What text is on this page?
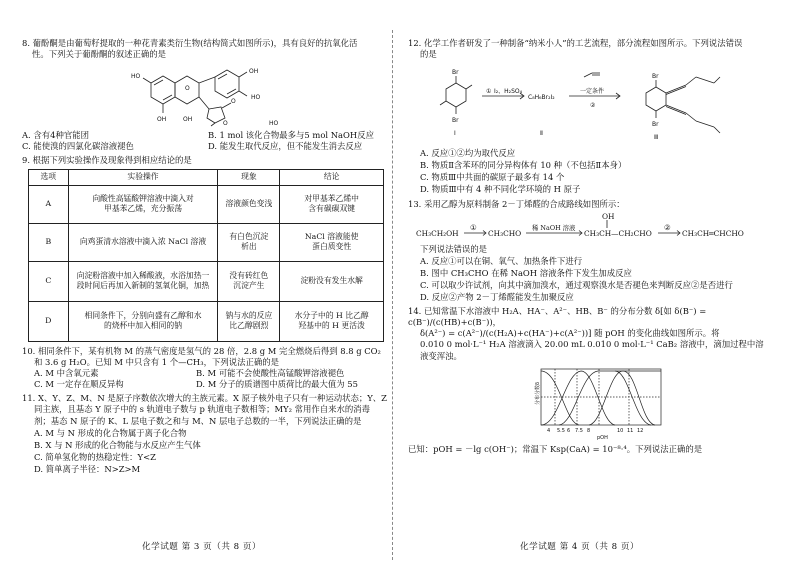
8. 葡酚酮是由葡萄籽提取的一种花青素类衍生物(结构简式如图所示)，具有良好的抗氧化活
性。下列关于葡酚酮的叙述正确的是
HO
OH
HO
OH	OH
O
O
O	HO
A. 含有4种官能团	B. 1 mol 该化合物最多与5 mol NaOH反应
C. 能使溴的四氯化碳溶液褪色	D. 能发生取代反应，但不能发生消去反应
9. 根据下列实验操作及现象得到相应结论的是
选项	实验操作	现象	结论
A	向酸性高锰酸钾溶液中滴入对
甲基苯乙烯，充分振荡	溶液颜色变浅	对甲基苯乙烯中
含有碳碳双键

B	向鸡蛋清水溶液中滴入浓 NaCl 溶液	有白色沉淀
析出	NaCl 溶液能使
蛋白质变性

C	向淀粉溶液中加入稀酸液，水浴加热一
段时间后再加入新制的氢氧化铜，加热	没有砖红色
沉淀产生	淀粉没有发生水解

D	相同条件下，分别向盛有乙醇和水
的烧杯中加入相同的钠	钠与水的反应
比乙醇剧烈	水分子中的 H 比乙醇
羟基中的 H 更活泼
10. 相同条件下，某有机物 M 的蒸气密度是氢气的 28 倍，2.8 g M 完全燃烧后得到 8.8 g CO₂
和 3.6 g H₂O。已知 M 中只含有 1 个—CH₃，下列说法正确的是
A. M 中含氧元素	B. M 可能不会使酸性高锰酸钾溶液褪色
C. M 一定存在顺反异构	D. M 分子的质谱图中质荷比的最大值为 55
11. X、Y、Z、M、N 是原子序数依次增大的主族元素。X 原子核外电子只有一种运动状态；Y、Z
同主族，且基态 Y 原子中的 s 轨道电子数与 p 轨道电子数相等；MY₂ 常用作自来水的消毒
剂；基态 N 原子的 K、L 层电子数之和与 M、N 层电子总数的一半，下列说法正确的是
A. M 与 N 形成的化合物属于离子化合物
B. X 与 N 形成的化合物能与水反应产生气体
C. 简单氢化物的热稳定性：Y<Z
D. 简单离子半径：N>Z>M
化学试题 第 3 页（共 8 页）
12. 化学工作者研发了一种制备“纳米小人”的工艺流程，部分流程如图所示。下列说法错误
的是
Br
Br
Br
Br
① I₂、H₂SO₄
C₈H₆Br₂I₂
一定条件
②
Ⅰ	Ⅱ
Ⅲ
A. 反应①②均为取代反应
B. 物质Ⅱ含苯环的同分异构体有 10 种（不包括Ⅱ本身）
C. 物质Ⅲ中共面的碳原子最多有 14 个
D. 物质Ⅲ中有 4 种不同化学环境的 H 原子
13. 采用乙醇为原料制备 2－丁烯醛的合成路线如图所示：
CH₃CH₂OH
①
CH₃CHO
稀 NaOH 溶液
OH
CH₃CH—CH₂CHO
②
CH₃CH═CHCHO
下列说法错误的是
A. 反应①可以在铜、氧气、加热条件下进行
B. 图中 CH₃CHO 在稀 NaOH 溶液条件下发生加成反应
C. 可以取少许试剂，向其中滴加溴水，通过观察溴水是否褪色来判断反应②是否进行
D. 反应②产物 2－丁烯醛能发生加聚反应
14. 已知常温下水溶液中 H₂A、HA⁻、A²⁻、HB、B⁻ 的分布分数 δ[如 δ(B⁻) = c(B⁻)/(c(HB)+c(B⁻))，
δ(A²⁻) = c(A²⁻)/(c(H₂A)+c(HA⁻)+c(A²⁻))] 随 pOH 的变化曲线如图所示。将
0.010 0 mol·L⁻¹ H₂A 溶液滴入 20.00 mL 0.010 0 mol·L⁻¹ CaB₂ 溶液中，滴加过程中溶
液变浑浊。
分布分数δ
4 5.5 6 7.5 8	10 11 12
pOH
已知：pOH = －lg c(OH⁻)；常温下 Ksp(CaA) = 10⁻⁸·⁴。下列说法正确的是
化学试题 第 4 页（共 8 页）
